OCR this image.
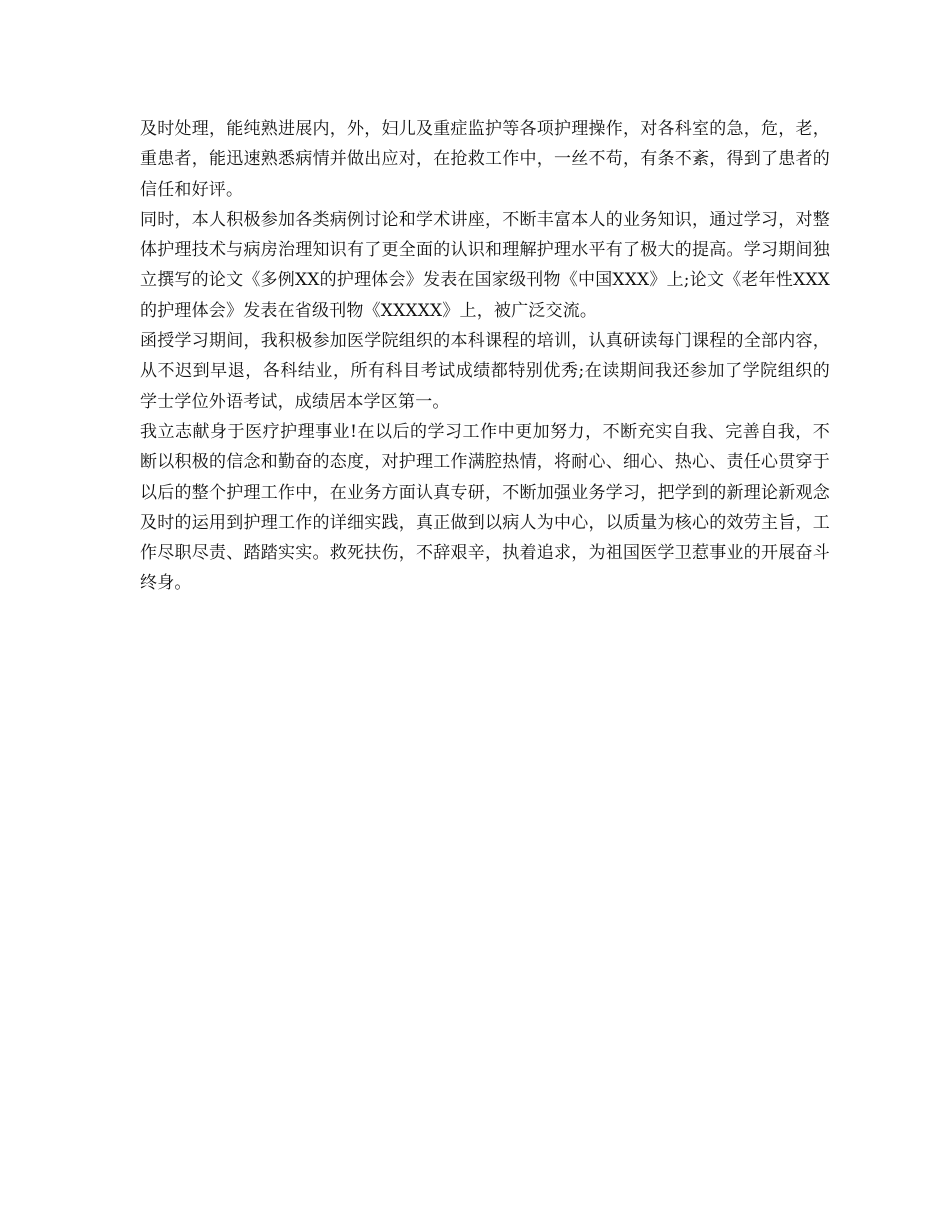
及时处理，能纯熟进展内，外，妇儿及重症监护等各项护理操作，对各科室的急，危，老，重患者，能迅速熟悉病情并做出应对，在抢救工作中，一丝不苟，有条不紊，得到了患者的信任和好评。

同时，本人积极参加各类病例讨论和学术讲座，不断丰富本人的业务知识，通过学习，对整体护理技术与病房治理知识有了更全面的认识和理解护理水平有了极大的提高。学习期间独立撰写的论文《多例XX的护理体会》发表在国家级刊物《中国XXX》上;论文《老年性XXX的护理体会》发表在省级刊物《XXXXX》上，被广泛交流。

函授学习期间，我积极参加医学院组织的本科课程的培训，认真研读每门课程的全部内容，从不迟到早退，各科结业，所有科目考试成绩都特别优秀;在读期间我还参加了学院组织的学士学位外语考试，成绩居本学区第一。

我立志献身于医疗护理事业!在以后的学习工作中更加努力，不断充实自我、完善自我，不断以积极的信念和勤奋的态度，对护理工作满腔热情，将耐心、细心、热心、责任心贯穿于以后的整个护理工作中，在业务方面认真专研，不断加强业务学习，把学到的新理论新观念及时的运用到护理工作的详细实践，真正做到以病人为中心，以质量为核心的效劳主旨，工作尽职尽责、踏踏实实。救死扶伤，不辞艰辛，执着追求，为祖国医学卫惹事业的开展奋斗终身。
